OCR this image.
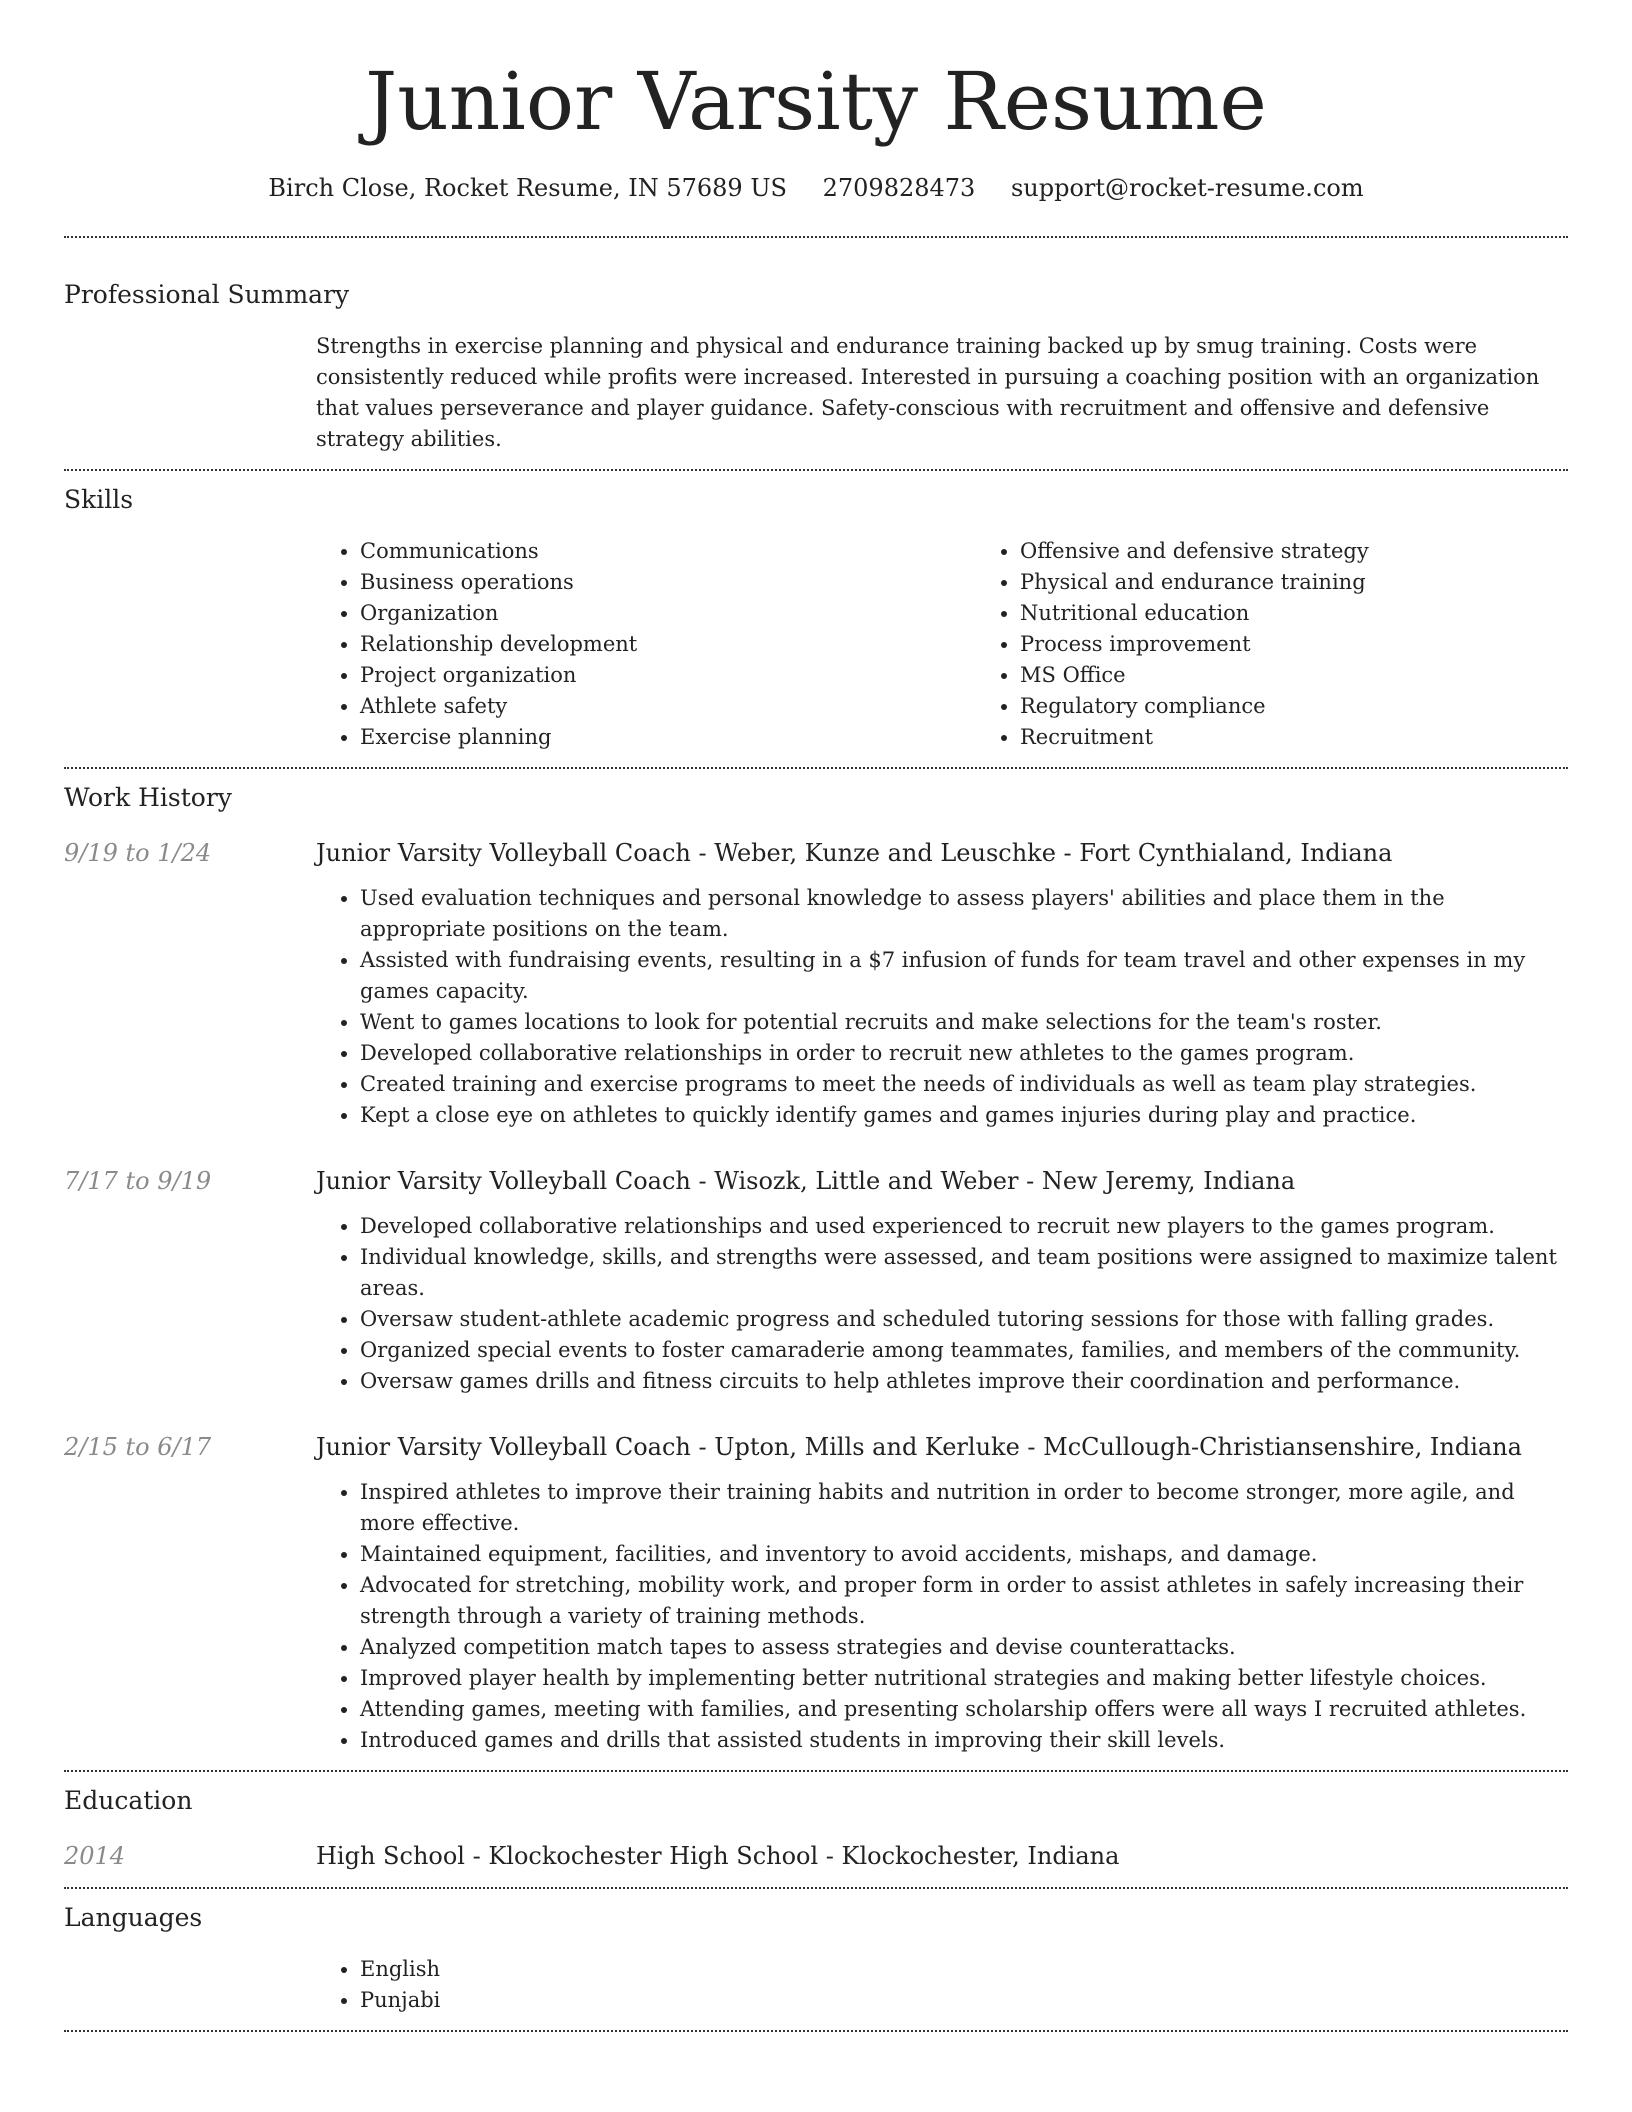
Junior Varsity Resume
Birch Close, Rocket Resume, IN 57689 US 2709828473 support@rocket-resume.com
Professional Summary

Strengths in exercise planning and physical and endurance training backed up by smug training. Costs were consistently reduced while profits were increased. Interested in pursuing a coaching position with an organization that values perseverance and player guidance. Safety-conscious with recruitment and offensive and defensive strategy abilities.

Skills
• Communications
• Business operations
• Organization
• Relationship development
• Project organization
• Athlete safety
• Exercise planning
• Offensive and defensive strategy
• Physical and endurance training
• Nutritional education
• Process improvement
• MS Office
• Regulatory compliance
• Recruitment
Work History
9/19 to 1/24	Junior Varsity Volleyball Coach - Weber, Kunze and Leuschke - Fort Cynthialand, Indiana
• Used evaluation techniques and personal knowledge to assess players' abilities and place them in the appropriate positions on the team.
• Assisted with fundraising events, resulting in a $7 infusion of funds for team travel and other expenses in my games capacity.
• Went to games locations to look for potential recruits and make selections for the team's roster.
• Developed collaborative relationships in order to recruit new athletes to the games program.
• Created training and exercise programs to meet the needs of individuals as well as team play strategies.
• Kept a close eye on athletes to quickly identify games and games injuries during play and practice.
7/17 to 9/19	Junior Varsity Volleyball Coach - Wisozk, Little and Weber - New Jeremy, Indiana
• Developed collaborative relationships and used experienced to recruit new players to the games program.
• Individual knowledge, skills, and strengths were assessed, and team positions were assigned to maximize talent areas.
• Oversaw student-athlete academic progress and scheduled tutoring sessions for those with falling grades.
• Organized special events to foster camaraderie among teammates, families, and members of the community.
• Oversaw games drills and fitness circuits to help athletes improve their coordination and performance.
2/15 to 6/17	Junior Varsity Volleyball Coach - Upton, Mills and Kerluke - McCullough-Christiansenshire, Indiana
• Inspired athletes to improve their training habits and nutrition in order to become stronger, more agile, and more effective.
• Maintained equipment, facilities, and inventory to avoid accidents, mishaps, and damage.
• Advocated for stretching, mobility work, and proper form in order to assist athletes in safely increasing their strength through a variety of training methods.
• Analyzed competition match tapes to assess strategies and devise counterattacks.
• Improved player health by implementing better nutritional strategies and making better lifestyle choices.
• Attending games, meeting with families, and presenting scholarship offers were all ways I recruited athletes.
• Introduced games and drills that assisted students in improving their skill levels.
Education
2014	High School - Klockochester High School - Klockochester, Indiana
Languages
• English
• Punjabi
